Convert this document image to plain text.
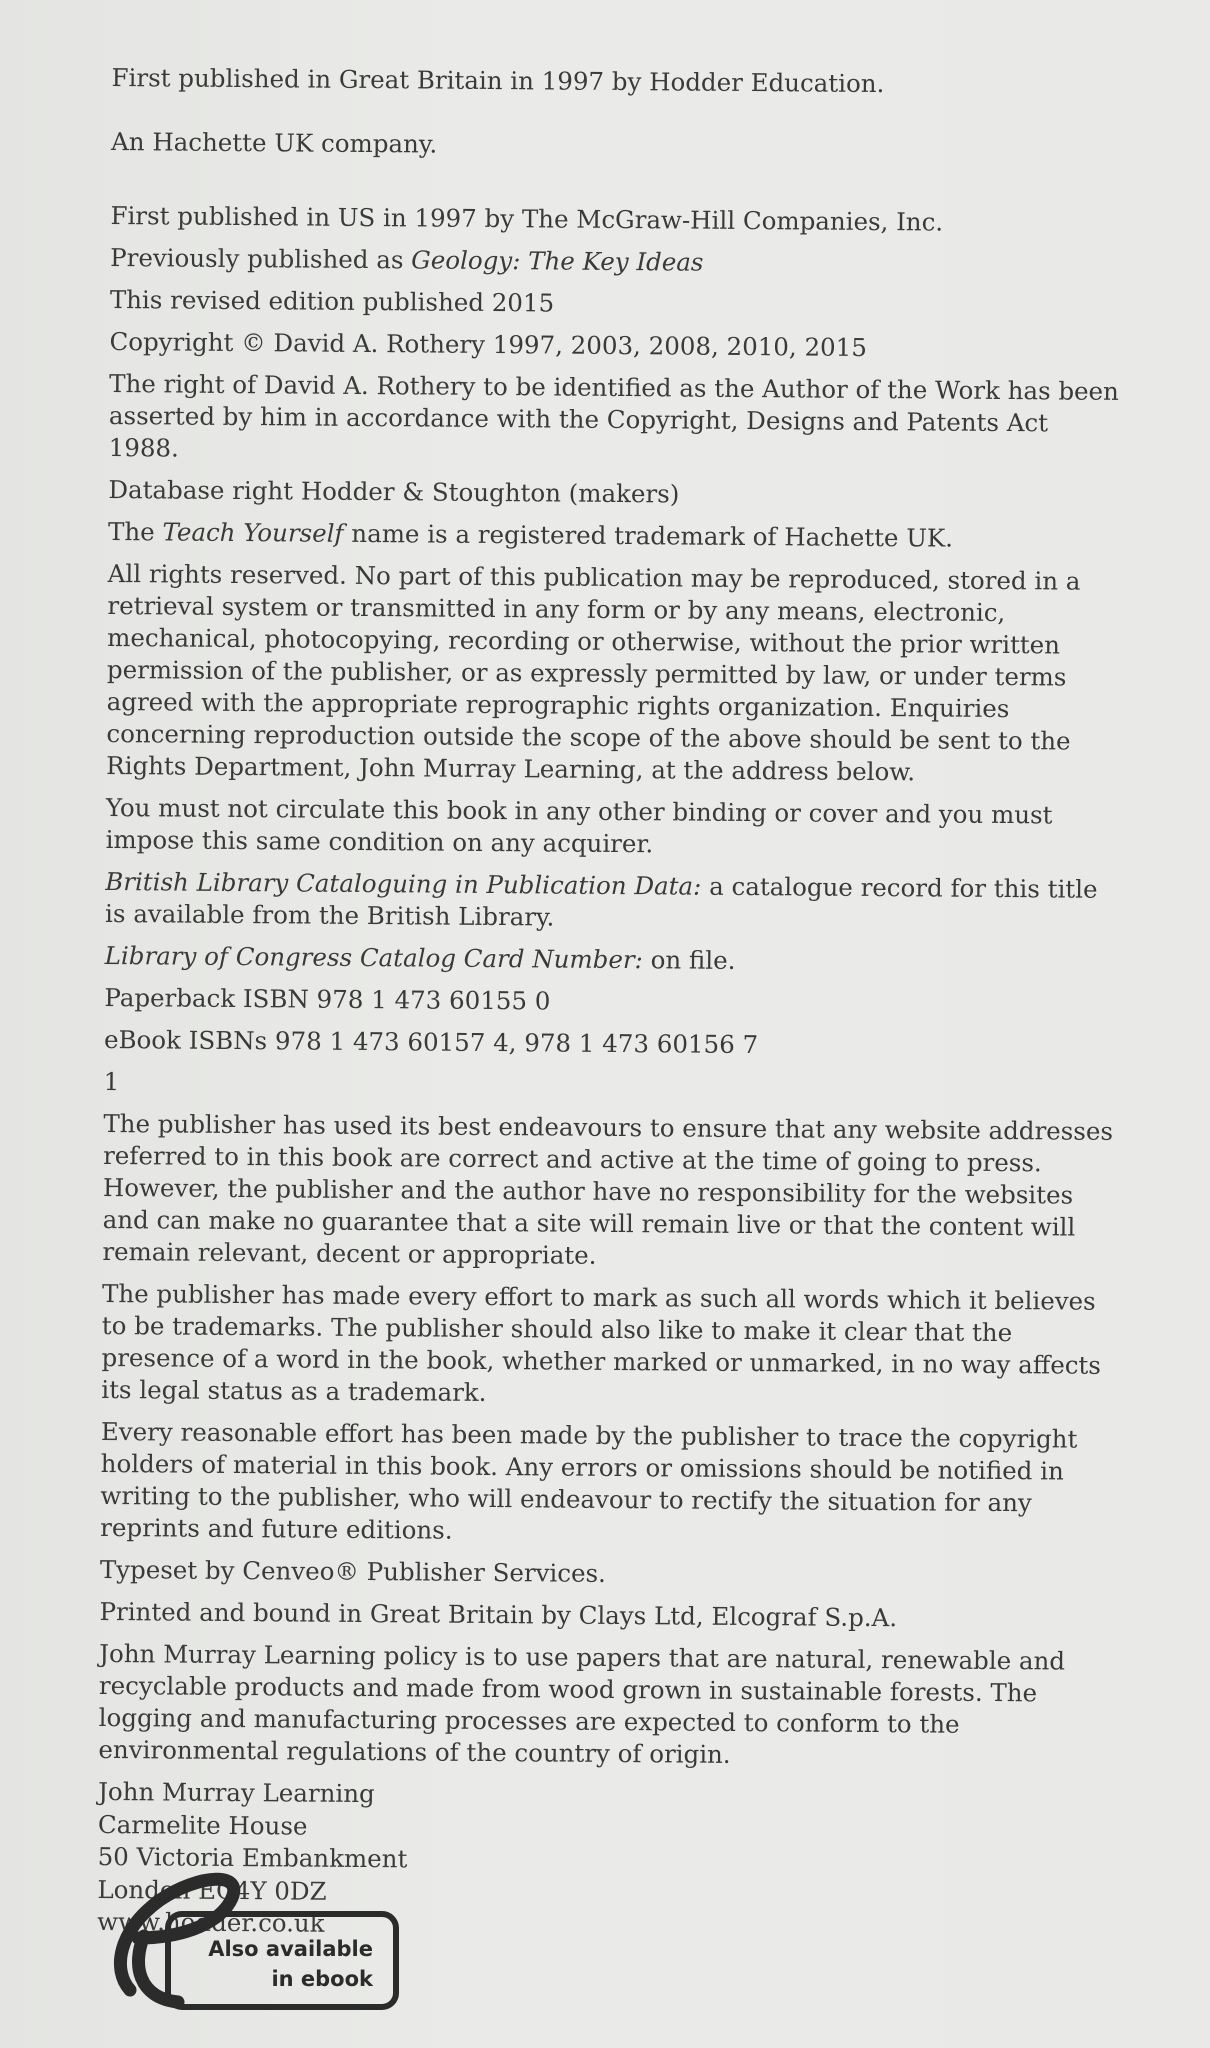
First published in Great Britain in 1997 by Hodder Education.

An Hachette UK company.

First published in US in 1997 by The McGraw-Hill Companies, Inc.
Previously published as Geology: The Key Ideas
This revised edition published 2015
Copyright © David A. Rothery 1997, 2003, 2008, 2010, 2015
The right of David A. Rothery to be identified as the Author of the Work has been asserted by him in accordance with the Copyright, Designs and Patents Act 1988.
Database right Hodder & Stoughton (makers)
The Teach Yourself name is a registered trademark of Hachette UK.
All rights reserved. No part of this publication may be reproduced, stored in a retrieval system or transmitted in any form or by any means, electronic, mechanical, photocopying, recording or otherwise, without the prior written permission of the publisher, or as expressly permitted by law, or under terms agreed with the appropriate reprographic rights organization. Enquiries concerning reproduction outside the scope of the above should be sent to the Rights Department, John Murray Learning, at the address below.
You must not circulate this book in any other binding or cover and you must impose this same condition on any acquirer.
British Library Cataloguing in Publication Data: a catalogue record for this title is available from the British Library.
Library of Congress Catalog Card Number: on file.
Paperback ISBN 978 1 473 60155 0
eBook ISBNs 978 1 473 60157 4, 978 1 473 60156 7
1
The publisher has used its best endeavours to ensure that any website addresses referred to in this book are correct and active at the time of going to press. However, the publisher and the author have no responsibility for the websites and can make no guarantee that a site will remain live or that the content will remain relevant, decent or appropriate.
The publisher has made every effort to mark as such all words which it believes to be trademarks. The publisher should also like to make it clear that the presence of a word in the book, whether marked or unmarked, in no way affects its legal status as a trademark.
Every reasonable effort has been made by the publisher to trace the copyright holders of material in this book. Any errors or omissions should be notified in writing to the publisher, who will endeavour to rectify the situation for any reprints and future editions.
Typeset by Cenveo® Publisher Services.
Printed and bound in Great Britain by Clays Ltd, Elcograf S.p.A.
John Murray Learning policy is to use papers that are natural, renewable and recyclable products and made from wood grown in sustainable forests. The logging and manufacturing processes are expected to conform to the environmental regulations of the country of origin.
John Murray Learning
Carmelite House
50 Victoria Embankment
London EC4Y 0DZ
www.hodder.co.uk
Also available
in ebook
